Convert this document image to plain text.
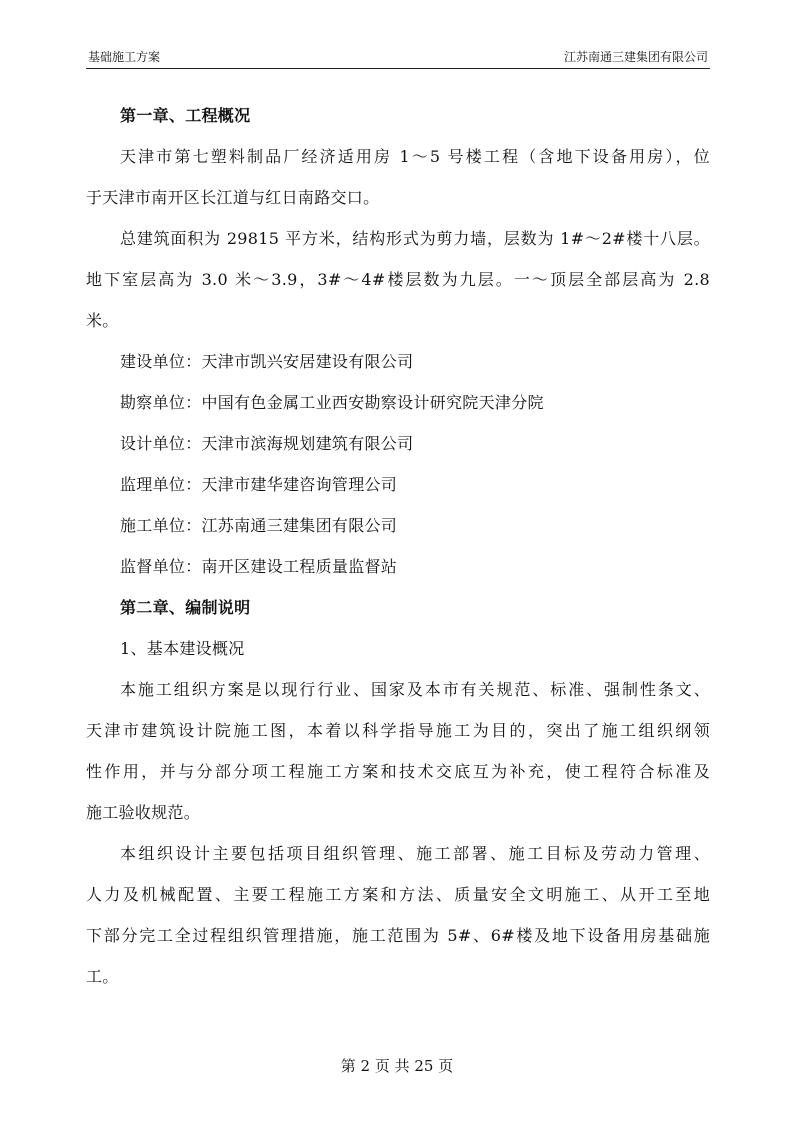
基础施工方案	江苏南通三建集团有限公司
第一章、工程概况
天津市第七塑料制品厂经济适用房 1～5 号楼工程（含地下设备用房），位
于天津市南开区长江道与红日南路交口。
总建筑面积为 29815 平方米，结构形式为剪力墙，层数为 1#～2#楼十八层。
地下室层高为 3.0 米～3.9，3#～4#楼层数为九层。一～顶层全部层高为 2.8
米。
建设单位：天津市凯兴安居建设有限公司
勘察单位：中国有色金属工业西安勘察设计研究院天津分院
设计单位：天津市滨海规划建筑有限公司
监理单位：天津市建华建咨询管理公司
施工单位：江苏南通三建集团有限公司
监督单位：南开区建设工程质量监督站
第二章、编制说明
1、基本建设概况
本施工组织方案是以现行行业、国家及本市有关规范、标准、强制性条文、
天津市建筑设计院施工图，本着以科学指导施工为目的，突出了施工组织纲领
性作用，并与分部分项工程施工方案和技术交底互为补充，使工程符合标准及
施工验收规范。
本组织设计主要包括项目组织管理、施工部署、施工目标及劳动力管理、
人力及机械配置、主要工程施工方案和方法、质量安全文明施工、从开工至地
下部分完工全过程组织管理措施，施工范围为 5#、6#楼及地下设备用房基础施
工。
第 2 页 共 25 页
